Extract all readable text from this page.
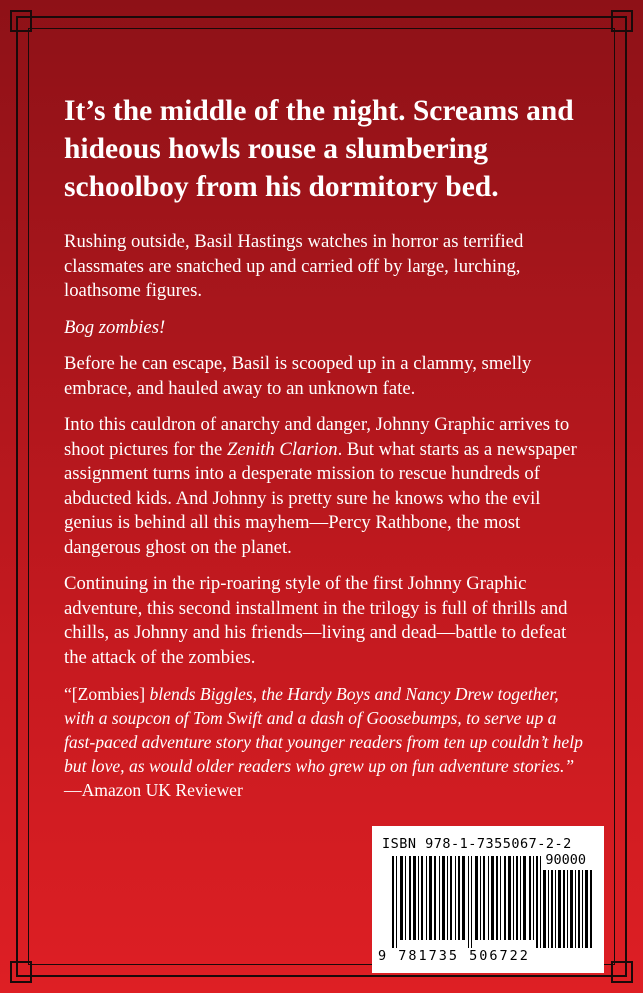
It’s the middle of the night. Screams and hideous howls rouse a slumbering schoolboy from his dormitory bed.

Rushing outside, Basil Hastings watches in horror as terrified classmates are snatched up and carried off by large, lurching, loathsome figures.

Bog zombies!

Before he can escape, Basil is scooped up in a clammy, smelly embrace, and hauled away to an unknown fate.

Into this cauldron of anarchy and danger, Johnny Graphic arrives to shoot pictures for the Zenith Clarion. But what starts as a newspaper assignment turns into a desperate mission to rescue hundreds of abducted kids. And Johnny is pretty sure he knows who the evil genius is behind all this mayhem—Percy Rathbone, the most dangerous ghost on the planet.

Continuing in the rip-roaring style of the first Johnny Graphic adventure, this second installment in the trilogy is full of thrills and chills, as Johnny and his friends—living and dead—battle to defeat the attack of the zombies.

“[Zombies] blends Biggles, the Hardy Boys and Nancy Drew together, with a soupcon of Tom Swift and a dash of Goosebumps, to serve up a fast-paced adventure story that younger readers from ten up couldn’t help but love, as would older readers who grew up on fun adventure stories.”
—Amazon UK Reviewer

ISBN 978-1-7355067-2-2
90000
9 781735 506722
